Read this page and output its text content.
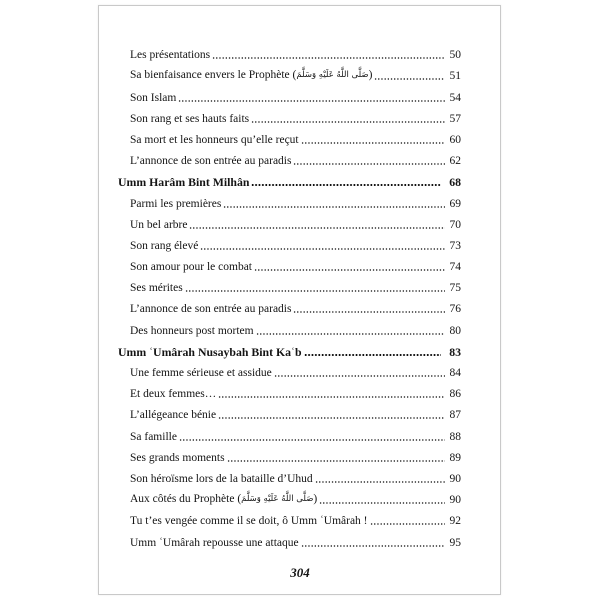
Les présentations	50
Sa bienfaisance envers le Prophète (صَلَّى اللَّهُ عَلَيْهِ وَسَلَّمَ)	51
Son Islam	54
Son rang et ses hauts faits	57
Sa mort et les honneurs qu’elle reçut	60
L’annonce de son entrée au paradis	62
Umm Harâm Bint Milhân	68
Parmi les premières	69
Un bel arbre	70
Son rang élevé	73
Son amour pour le combat	74
Ses mérites	75
L’annonce de son entrée au paradis	76
Des honneurs post mortem	80
Umm ʿUmârah Nusaybah Bint Kaʿb	83
Une femme sérieuse et assidue	84
Et deux femmes…	86
L’allégeance bénie	87
Sa famille	88
Ses grands moments	89
Son héroïsme lors de la bataille d’Uhud	90
Aux côtés du Prophète (صَلَّى اللَّهُ عَلَيْهِ وَسَلَّمَ)	90
Tu t’es vengée comme il se doit, ô Umm ʿUmârah !	92
Umm ʿUmârah repousse une attaque	95
304
